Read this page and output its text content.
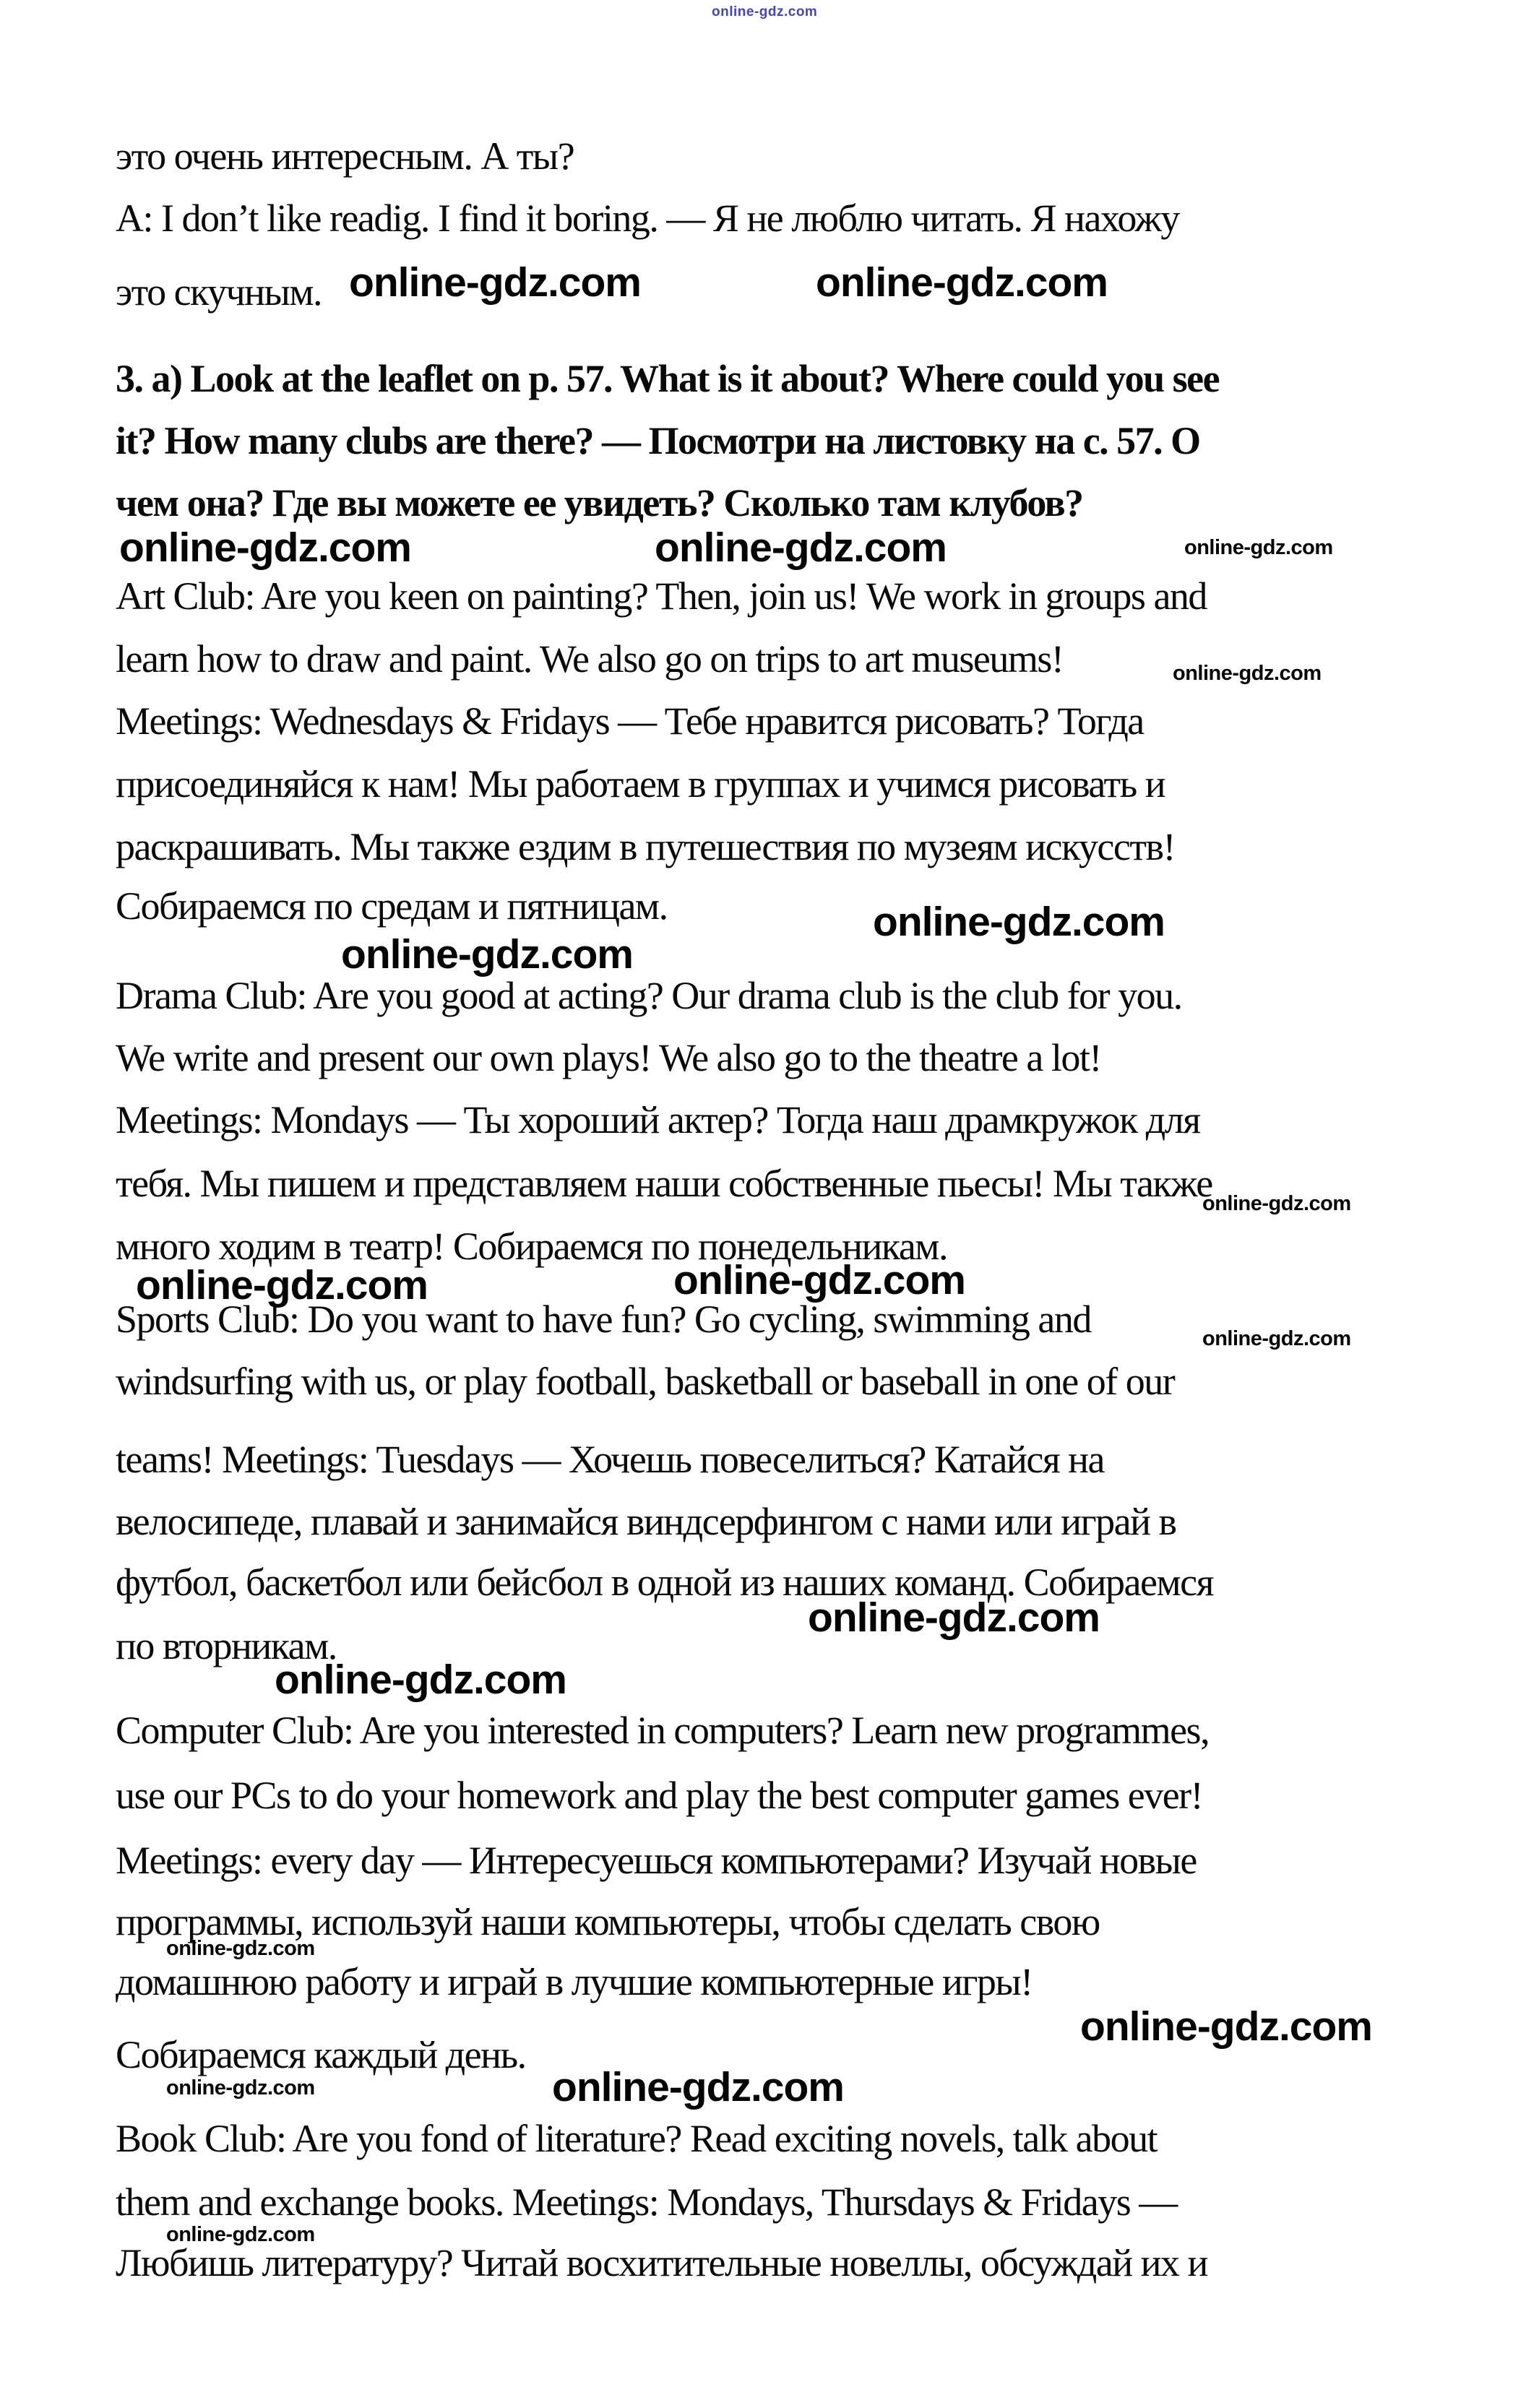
online-gdz.com
это очень интересным. А ты?
A: I don’t like readig. I find it boring. — Я не люблю читать. Я нахожу
это скучным. online-gdz.com	online-gdz.com
3. a) Look at the leaflet on p. 57. What is it about? Where could you see
it? How many clubs are there? — Посмотри на листовку на с. 57. О
чем она? Где вы можете ее увидеть? Сколько там клубов?
online-gdz.com	online-gdz.com	online-gdz.com
Art Club: Are you keen on painting? Then, join us! We work in groups and
learn how to draw and paint. We also go on trips to art museums!	online-gdz.com
Meetings: Wednesdays & Fridays — Тебе нравится рисовать? Тогда
присоединяйся к нам! Мы работаем в группах и учимся рисовать и
раскрашивать. Мы также ездим в путешествия по музеям искусств!
Собираемся по средам и пятницам.	online-gdz.com
online-gdz.com
Drama Club: Are you good at acting? Our drama club is the club for you.
We write and present our own plays! We also go to the theatre a lot!
Meetings: Mondays — Ты хороший актер? Тогда наш драмкружок для
тебя. Мы пишем и представляем наши собственные пьесы! Мы также
online-gdz.com
много ходим в театр! Собираемся по понедельникам.
online-gdz.com
online-gdz.com
Sports Club: Do you want to have fun? Go cycling, swimming and	online-gdz.com
windsurfing with us, or play football, basketball or baseball in one of our
teams! Meetings: Tuesdays — Хочешь повеселиться? Катайся на
велосипеде, плавай и занимайся виндсерфингом с нами или играй в
футбол, баскетбол или бейсбол в одной из наших команд. Собираемся
online-gdz.com
по вторникам.
online-gdz.com
Computer Club: Are you interested in computers? Learn new programmes,
use our PCs to do your homework and play the best computer games ever!
Meetings: every day — Интересуешься компьютерами? Изучай новые
программы, используй наши компьютеры, чтобы сделать свою
online-gdz.com
домашнюю работу и играй в лучшие компьютерные игры!
online-gdz.com
Собираемся каждый день.
online-gdz.com
online-gdz.com
Book Club: Are you fond of literature? Read exciting novels, talk about
them and exchange books. Meetings: Mondays, Thursdays & Fridays —
online-gdz.com
Любишь литературу? Читай восхитительные новеллы, обсуждай их и
